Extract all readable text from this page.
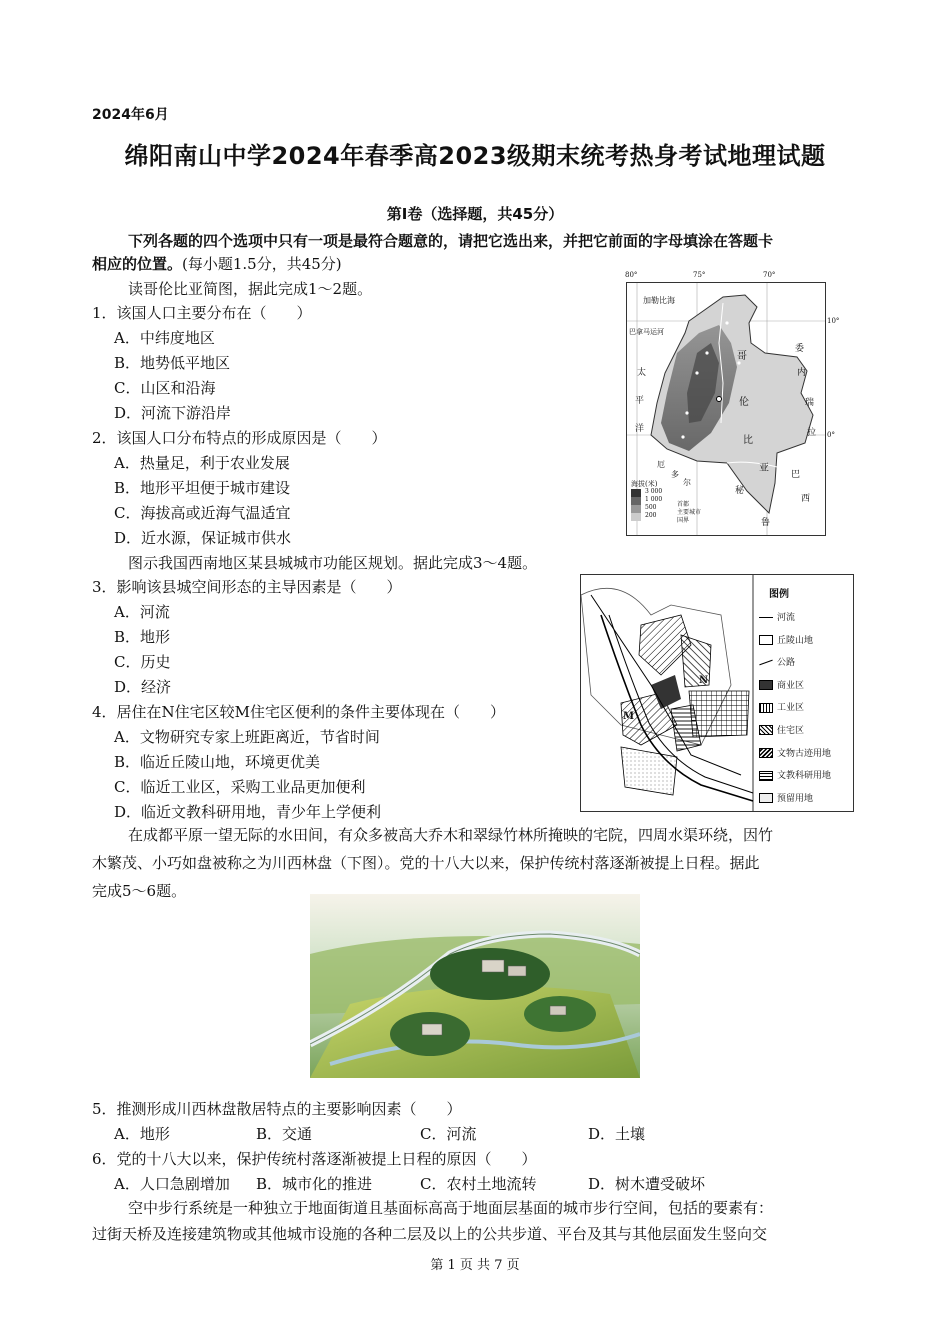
2024年6月
绵阳南山中学2024年春季高2023级期末统考热身考试地理试题
第Ⅰ卷（选择题，共45分）
下列各题的四个选项中只有一项是最符合题意的，请把它选出来，并把它前面的字母填涂在答题卡
相应的位置。(每小题1.5分，共45分)
读哥伦比亚简图，据此完成1～2题。
1．该国人口主要分布在（　　）
A．中纬度地区
B．地势低平地区
C．山区和沿海
D．河流下游沿岸
2．该国人口分布特点的形成原因是（　　）
A．热量足，利于农业发展
B．地形平坦便于城市建设
C．海拔高或近海气温适宜
D．近水源，保证城市供水
80°	75°	70°
10°
0°
加勒比海
巴拿马运河
哥
伦
比
亚
委
内
瑞
拉
巴
西
秘
鲁
太
平
洋
厄
多
尔
海拔(米)
3 000
1 000
500
200
首都
主要城市
国界
图示我国西南地区某县城城市功能区规划。据此完成3～4题。
3．影响该县城空间形态的主导因素是（　　）
A．河流
B．地形
C．历史
D．经济
4．居住在N住宅区较M住宅区便利的条件主要体现在（　　）
A．文物研究专家上班距离近，节省时间
B．临近丘陵山地，环境更优美
C．临近工业区，采购工业品更加便利
D．临近文教科研用地，青少年上学便利
N
M
图例
河流
丘陵山地
公路
商业区
工业区
住宅区
文物古迹用地
文教科研用地
预留用地
在成都平原一望无际的水田间，有众多被高大乔木和翠绿竹林所掩映的宅院，四周水渠环绕，因竹
木繁茂、小巧如盘被称之为川西林盘（下图）。党的十八大以来，保护传统村落逐渐被提上日程。据此
完成5～6题。
5．推测形成川西林盘散居特点的主要影响因素（　　）
A．地形	B．交通	C．河流	D．土壤
6．党的十八大以来，保护传统村落逐渐被提上日程的原因（　　）
A．人口急剧增加 B．城市化的推进	C．农村土地流转	D．树木遭受破坏
空中步行系统是一种独立于地面街道且基面标高高于地面层基面的城市步行空间，包括的要素有：
过街天桥及连接建筑物或其他城市设施的各种二层及以上的公共步道、平台及其与其他层面发生竖向交
第 1 页 共 7 页
